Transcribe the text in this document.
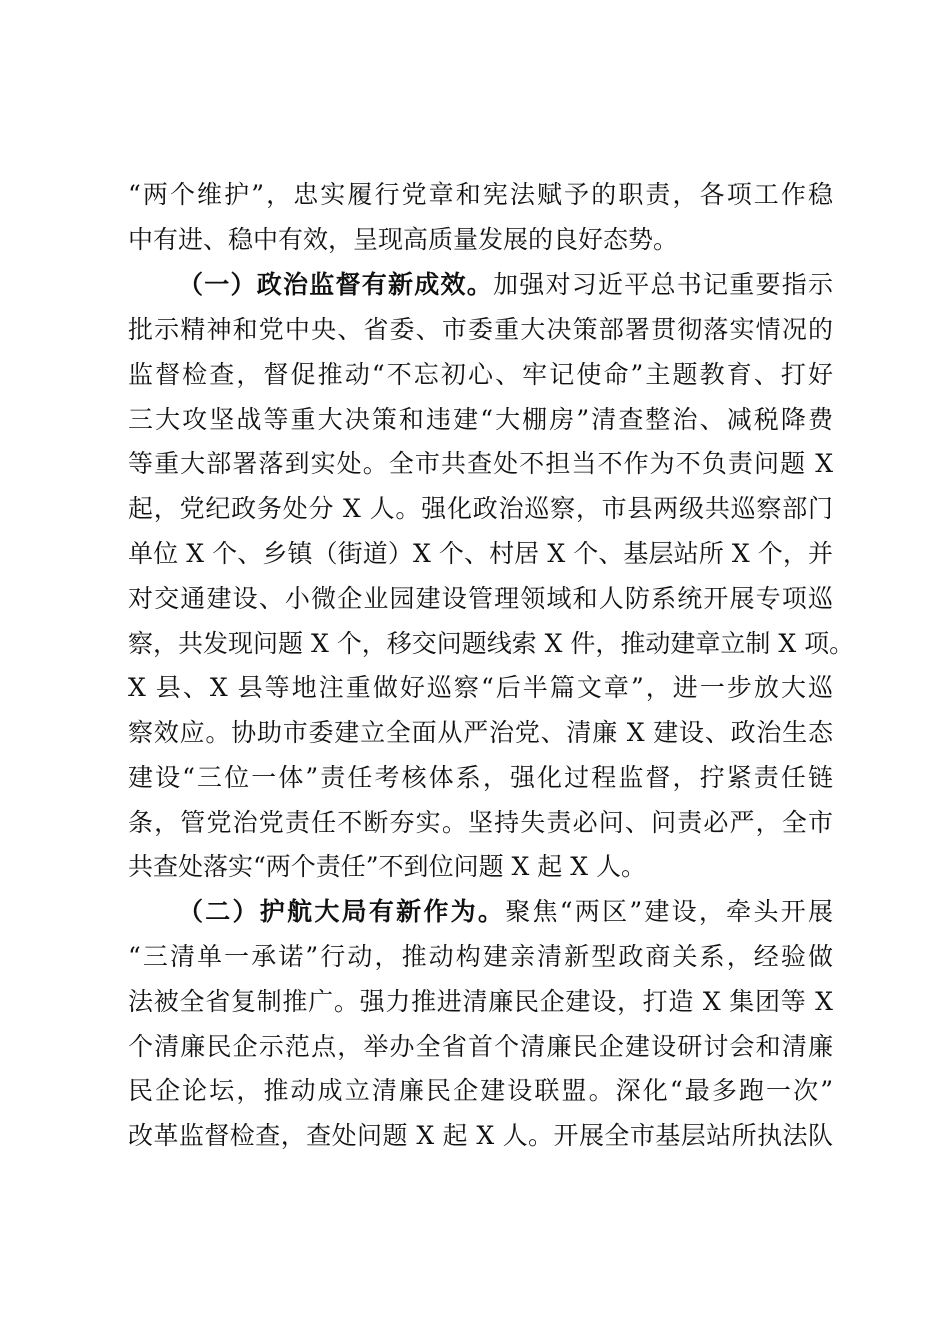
“两个维护”，忠实履行党章和宪法赋予的职责，各项工作稳
中有进、稳中有效，呈现高质量发展的良好态势。
（一）政治监督有新成效。加强对习近平总书记重要指示
批示精神和党中央、省委、市委重大决策部署贯彻落实情况的
监督检查，督促推动“不忘初心、牢记使命”主题教育、打好
三大攻坚战等重大决策和违建“大棚房”清查整治、减税降费
等重大部署落到实处。全市共查处不担当不作为不负责问题 X
起，党纪政务处分 X 人。强化政治巡察，市县两级共巡察部门
单位 X 个、乡镇（街道）X 个、村居 X 个、基层站所 X 个，并
对交通建设、小微企业园建设管理领域和人防系统开展专项巡
察，共发现问题 X 个，移交问题线索 X 件，推动建章立制 X 项。
X 县、X 县等地注重做好巡察“后半篇文章”，进一步放大巡
察效应。协助市委建立全面从严治党、清廉 X 建设、政治生态
建设“三位一体”责任考核体系，强化过程监督，拧紧责任链
条，管党治党责任不断夯实。坚持失责必问、问责必严，全市
共查处落实“两个责任”不到位问题 X 起 X 人。
（二）护航大局有新作为。聚焦“两区”建设，牵头开展
“三清单一承诺”行动，推动构建亲清新型政商关系，经验做
法被全省复制推广。强力推进清廉民企建设，打造 X 集团等 X
个清廉民企示范点，举办全省首个清廉民企建设研讨会和清廉
民企论坛，推动成立清廉民企建设联盟。深化“最多跑一次”
改革监督检查，查处问题 X 起 X 人。开展全市基层站所执法队
